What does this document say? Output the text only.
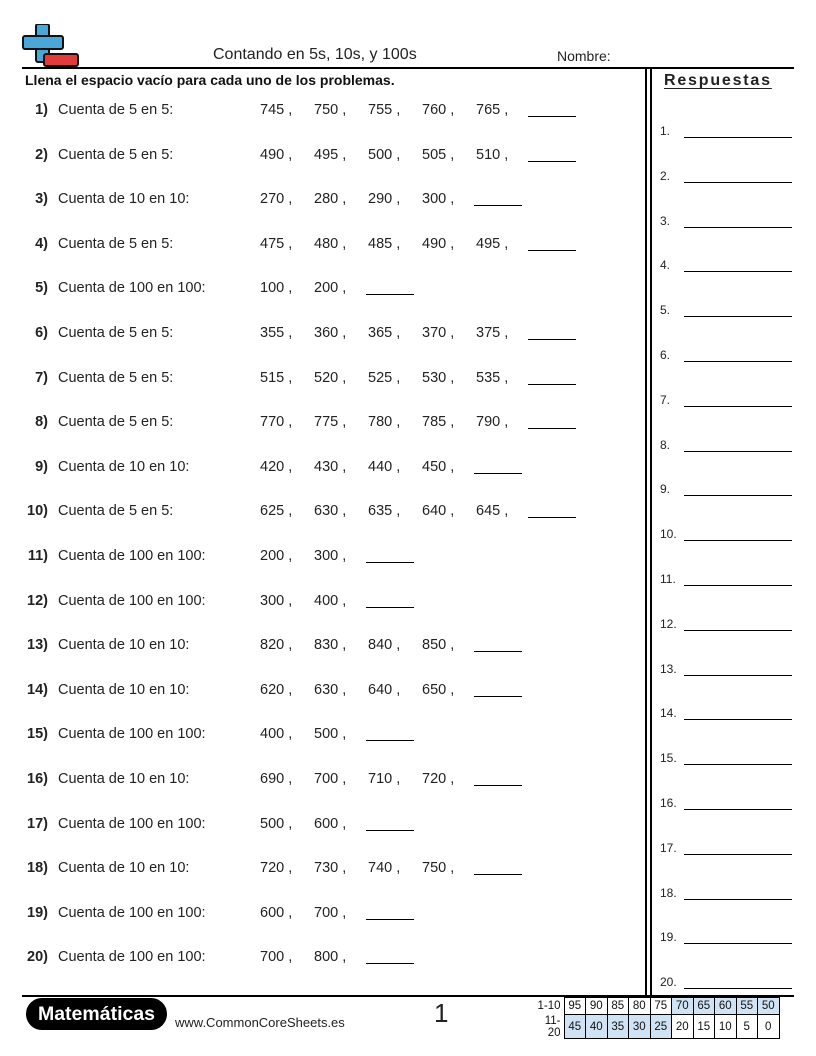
Contando en 5s, 10s, y 100s	Nombre:
Llena el espacio vacío para cada uno de los problemas.
1) Cuenta de 5 en 5:	745 , 750 , 755 , 760 , 765 ,
2) Cuenta de 5 en 5:	490 , 495 , 500 , 505 , 510 ,
3) Cuenta de 10 en 10:	270 , 280 , 290 , 300 ,
4) Cuenta de 5 en 5:	475 , 480 , 485 , 490 , 495 ,
5) Cuenta de 100 en 100:	100 , 200 ,
6) Cuenta de 5 en 5:	355 , 360 , 365 , 370 , 375 ,
7) Cuenta de 5 en 5:	515 , 520 , 525 , 530 , 535 ,
8) Cuenta de 5 en 5:	770 , 775 , 780 , 785 , 790 ,
9) Cuenta de 10 en 10:	420 , 430 , 440 , 450 ,
10) Cuenta de 5 en 5:	625 , 630 , 635 , 640 , 645 ,
11) Cuenta de 100 en 100:	200 , 300 ,
12) Cuenta de 100 en 100:	300 , 400 ,
13) Cuenta de 10 en 10:	820 , 830 , 840 , 850 ,
14) Cuenta de 10 en 10:	620 , 630 , 640 , 650 ,
15) Cuenta de 100 en 100:	400 , 500 ,
16) Cuenta de 10 en 10:	690 , 700 , 710 , 720 ,
17) Cuenta de 100 en 100:	500 , 600 ,
18) Cuenta de 10 en 10:	720 , 730 , 740 , 750 ,
19) Cuenta de 100 en 100:	600 , 700 ,
20) Cuenta de 100 en 100:	700 , 800 ,
Respuestas
1.
2.
3.
4.
5.
6.
7.
8.
9.
10.
11.
12.
13.
14.
15.
16.
17.
18.
19.
20.
Matemáticas	www.CommonCoreSheets.es	1	1-10	95	90	85	80	75	70	65	60	55	50
11-20	45	40	35	30	25	20	15	10	5	0
